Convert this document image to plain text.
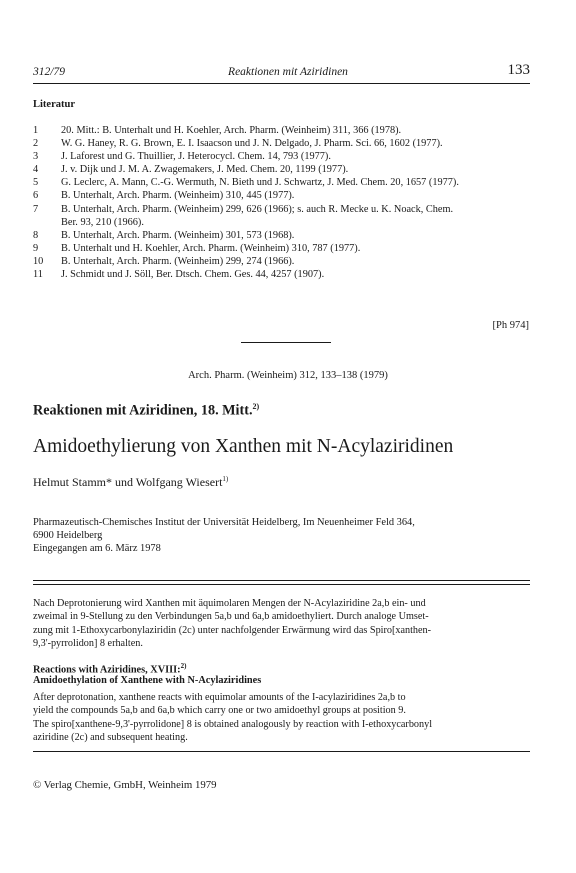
312/79	Reaktionen mit Aziridinen	133
Literatur
1	20. Mitt.: B. Unterhalt und H. Koehler, Arch. Pharm. (Weinheim) 311, 366 (1978).
2	W. G. Haney, R. G. Brown, E. I. Isaacson und J. N. Delgado, J. Pharm. Sci. 66, 1602 (1977).
3	J. Laforest und G. Thuillier, J. Heterocycl. Chem. 14, 793 (1977).
4	J. v. Dijk und J. M. A. Zwagemakers, J. Med. Chem. 20, 1199 (1977).
5	G. Leclerc, A. Mann, C.-G. Wermuth, N. Bieth und J. Schwartz, J. Med. Chem. 20, 1657 (1977).
6	B. Unterhalt, Arch. Pharm. (Weinheim) 310, 445 (1977).
7	B. Unterhalt, Arch. Pharm. (Weinheim) 299, 626 (1966); s. auch R. Mecke u. K. Noack, Chem.
Ber. 93, 210 (1966).
8	B. Unterhalt, Arch. Pharm. (Weinheim) 301, 573 (1968).
9	B. Unterhalt und H. Koehler, Arch. Pharm. (Weinheim) 310, 787 (1977).
10	B. Unterhalt, Arch. Pharm. (Weinheim) 299, 274 (1966).
11	J. Schmidt und J. Söll, Ber. Dtsch. Chem. Ges. 44, 4257 (1907).
[Ph 974]
Arch. Pharm. (Weinheim) 312, 133–138 (1979)
Reaktionen mit Aziridinen, 18. Mitt.$^{2)}$
Amidoethylierung von Xanthen mit N-Acylaziridinen
Helmut Stamm* und Wolfgang Wiesert$^{1)}$
Pharmazeutisch-Chemisches Institut der Universität Heidelberg, Im Neuenheimer Feld 364,
6900 Heidelberg
Eingegangen am 6. März 1978
Nach Deprotonierung wird Xanthen mit äquimolaren Mengen der N-Acylaziridine 2a,b ein- und
zweimal in 9-Stellung zu den Verbindungen 5a,b und 6a,b amidoethyliert. Durch analoge Umset-
zung mit 1-Ethoxycarbonylaziridin (2c) unter nachfolgender Erwärmung wird das Spiro[xanthen-
9,3'-pyrrolidon] 8 erhalten.
Reactions with Aziridines, XVIII:$^{2)}$
Amidoethylation of Xanthene with N-Acylaziridines
After deprotonation, xanthene reacts with equimolar amounts of the I-acylaziridines 2a,b to
yield the compounds 5a,b and 6a,b which carry one or two amidoethyl groups at position 9.
The spiro[xanthene-9,3'-pyrrolidone] 8 is obtained analogously by reaction with I-ethoxycarbonyl
aziridine (2c) and subsequent heating.
© Verlag Chemie, GmbH, Weinheim 1979
